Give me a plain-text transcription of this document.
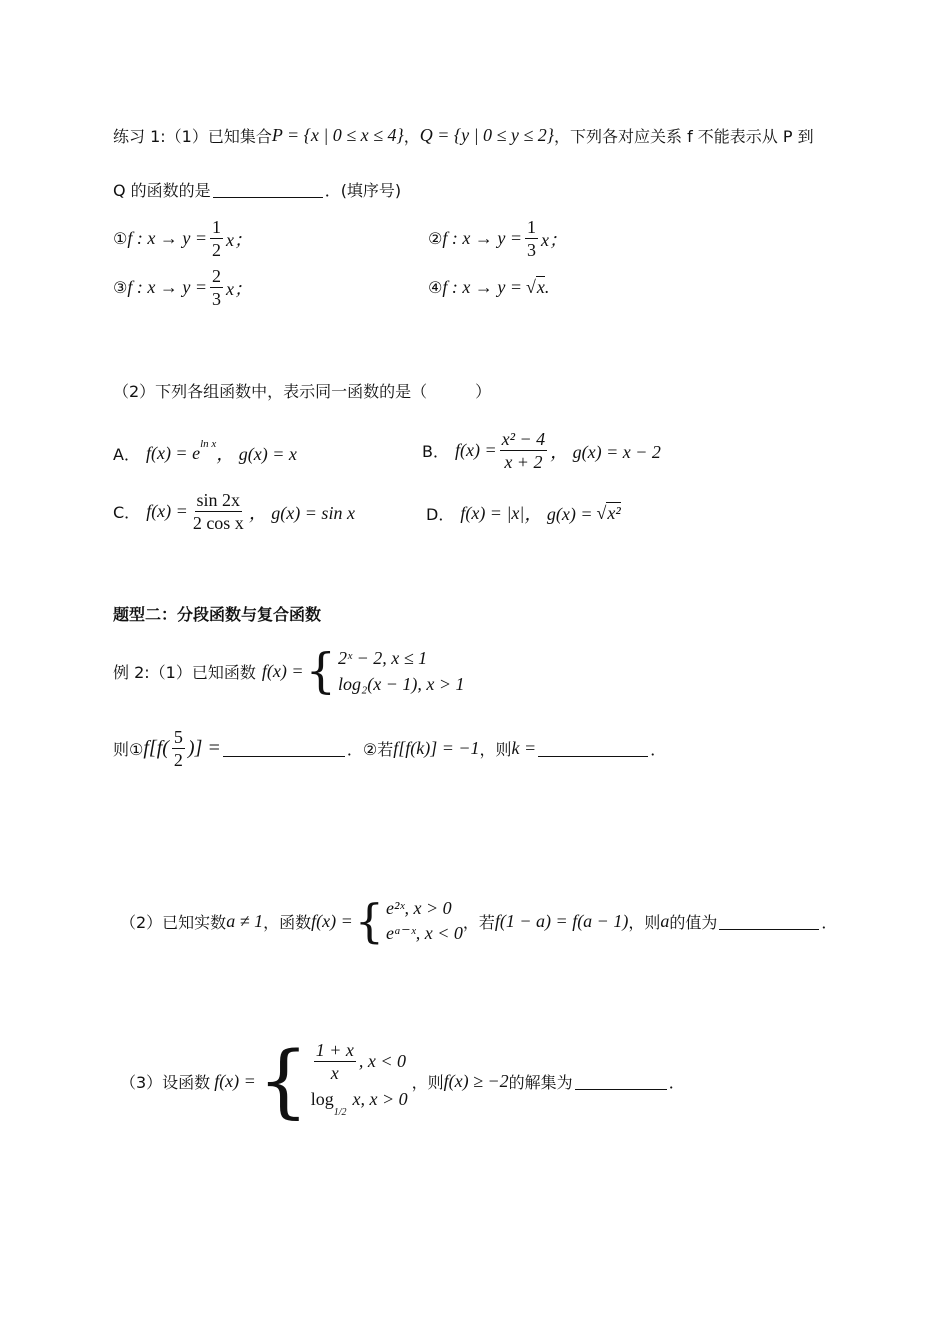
练习 1:（1）已知集合 P = {x | 0 ≤ x ≤ 4} ， Q = {y | 0 ≤ y ≤ 2} ，下列各对应关系 f 不能表示从 P 到
Q 的函数的是	．(填序号)
① f : $x \to y = \frac{1}{2}$ x；	② f : $x \to y = \frac{1}{3}$ x；
③ f : $x \to y = \frac{2}{3}$ x；	④ f : x → y = √ x .
（2）下列各组函数中，表示同一函数的是（　　　）
A． $f(x) = e^{ln x}$ ， g(x) = x	B． $f(x) = \frac{\text{x² − 4}}{x + 2}$ ， g(x) = x − 2
C． $f(x) = \frac{\sin 2x}{\text{2 cos x}}$ ， g(x) = sin x	D． f(x) = |x| ， g(x) = √ x²
题型二：分段函数与复合函数
例 2:（1）已知函数 f(x) = { 2ˣ − 2, x ≤ 1
log₂(x − 1), x > 1
则① $f[f( \frac{5}{2}$ )] =	．②若 f[f(k)] = −1 ，则 k =	．
（2）已知实数 a ≠ 1 ，函数 f(x) = { e²ˣ, x > 0
eᵃ⁻ˣ, x < 0
，若 f(1 − a) = f(a − 1) ，则 a 的值为	．
（3）设函数 f(x) = { $\frac{1 + x}{x}$ , x < 0
log
1/2
x, x > 0
，则 f(x) ≥ −2 的解集为	．
